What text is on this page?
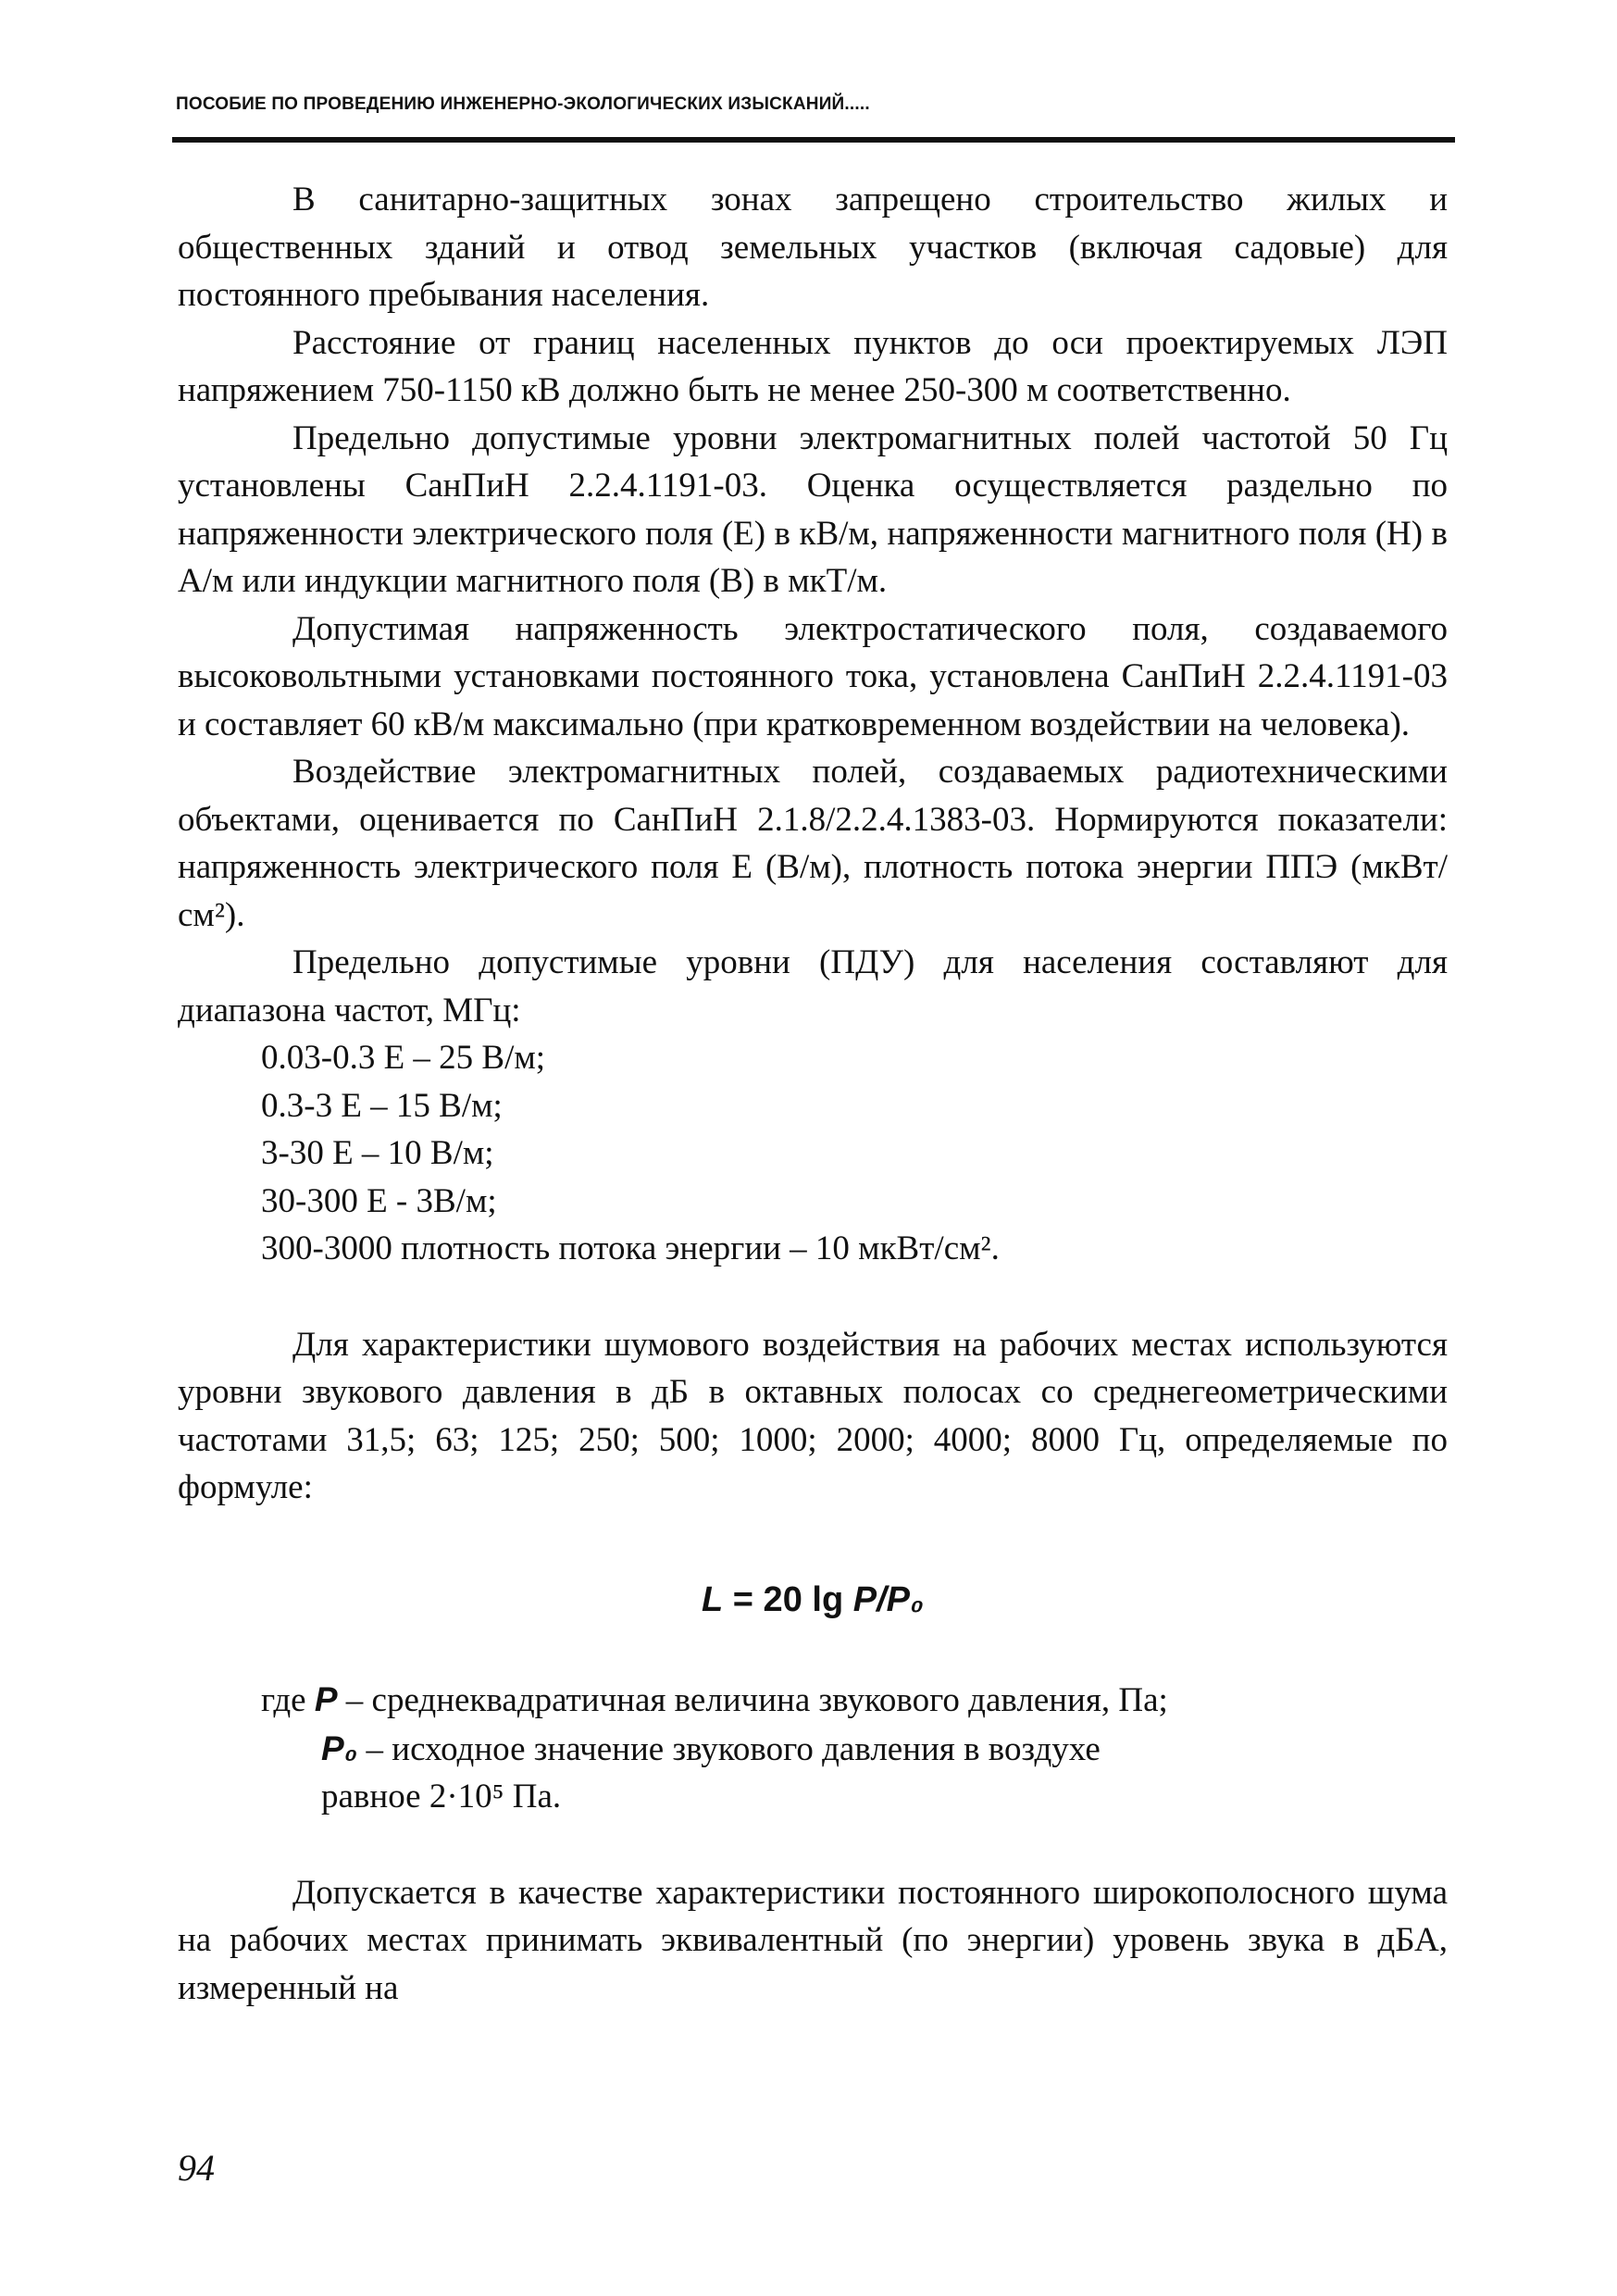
ПОСОБИЕ ПО ПРОВЕДЕНИЮ ИНЖЕНЕРНО-ЭКОЛОГИЧЕСКИХ ИЗЫСКАНИЙ.....

В санитарно-защитных зонах запрещено строительство жилых и общественных зданий и отвод земельных участков (включая садовые) для постоянного пребывания населения.

Расстояние от границ населенных пунктов до оси проектируемых ЛЭП напряжением 750-1150 кВ должно быть не менее 250-300 м соответственно.

Предельно допустимые уровни электромагнитных полей частотой 50 Гц установлены СанПиН 2.2.4.1191-03. Оценка осуществляется раздельно по напряженности электрического поля (Е) в кВ/м, напряженности магнитного поля (Н) в А/м или индукции магнитного поля (В) в мкТ/м.

Допустимая напряженность электростатического поля, создаваемого высоковольтными установками постоянного тока, установлена СанПиН 2.2.4.1191-03 и составляет 60 кВ/м максимально (при кратковременном воздействии на человека).

Воздействие электромагнитных полей, создаваемых радиотехническими объектами, оценивается по СанПиН 2.1.8/2.2.4.1383-03. Нормируются показатели: напряженность электрического поля Е (В/м), плотность потока энергии ППЭ (мкВт/см²).

Предельно допустимые уровни (ПДУ) для населения составляют для диапазона частот, МГц:

0.03-0.3 Е – 25 В/м;
0.3-3 Е – 15 В/м;
3-30 Е – 10 В/м;
30-300 Е - 3В/м;
300-3000 плотность потока энергии – 10 мкВт/см².

Для характеристики шумового воздействия на рабочих местах используются уровни звукового давления в дБ в октавных полосах со среднегеометрическими частотами 31,5; 63; 125; 250; 500; 1000; 2000; 4000; 8000 Гц, определяемые по формуле:

L = 20 lg P/P₀
где P – среднеквадратичная величина звукового давления, Па;
P₀ – исходное значение звукового давления в воздухе
равное 2·10⁵ Па.

Допускается в качестве характеристики постоянного широкополосного шума на рабочих местах принимать эквивалентный (по энергии) уровень звука в дБА, измеренный на

94
